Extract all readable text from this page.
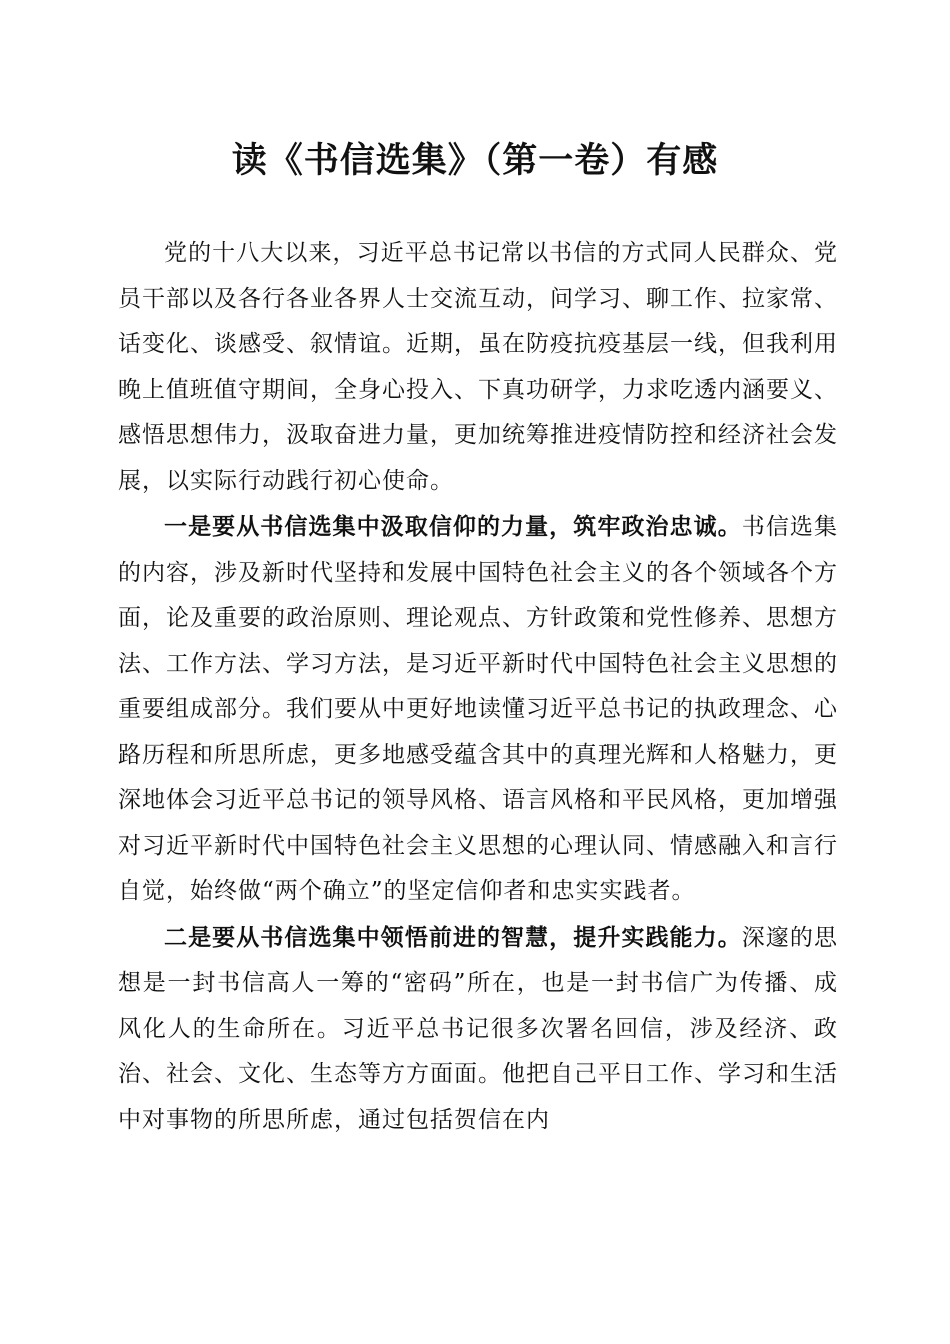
读《书信选集》（第一卷）有感

党的十八大以来，习近平总书记常以书信的方式同人民群众、党员干部以及各行各业各界人士交流互动，问学习、聊工作、拉家常、话变化、谈感受、叙情谊。近期，虽在防疫抗疫基层一线，但我利用晚上值班值守期间，全身心投入、下真功研学，力求吃透内涵要义、感悟思想伟力，汲取奋进力量，更加统筹推进疫情防控和经济社会发展，以实际行动践行初心使命。

一是要从书信选集中汲取信仰的力量，筑牢政治忠诚。书信选集的内容，涉及新时代坚持和发展中国特色社会主义的各个领域各个方面，论及重要的政治原则、理论观点、方针政策和党性修养、思想方法、工作方法、学习方法，是习近平新时代中国特色社会主义思想的重要组成部分。我们要从中更好地读懂习近平总书记的执政理念、心路历程和所思所虑，更多地感受蕴含其中的真理光辉和人格魅力，更深地体会习近平总书记的领导风格、语言风格和平民风格，更加增强对习近平新时代中国特色社会主义思想的心理认同、情感融入和言行自觉，始终做“两个确立”的坚定信仰者和忠实实践者。

二是要从书信选集中领悟前进的智慧，提升实践能力。深邃的思想是一封书信高人一筹的“密码”所在，也是一封书信广为传播、成风化人的生命所在。习近平总书记很多次署名回信，涉及经济、政治、社会、文化、生态等方方面面。他把自己平日工作、学习和生活中对事物的所思所虑，通过包括贺信在内
